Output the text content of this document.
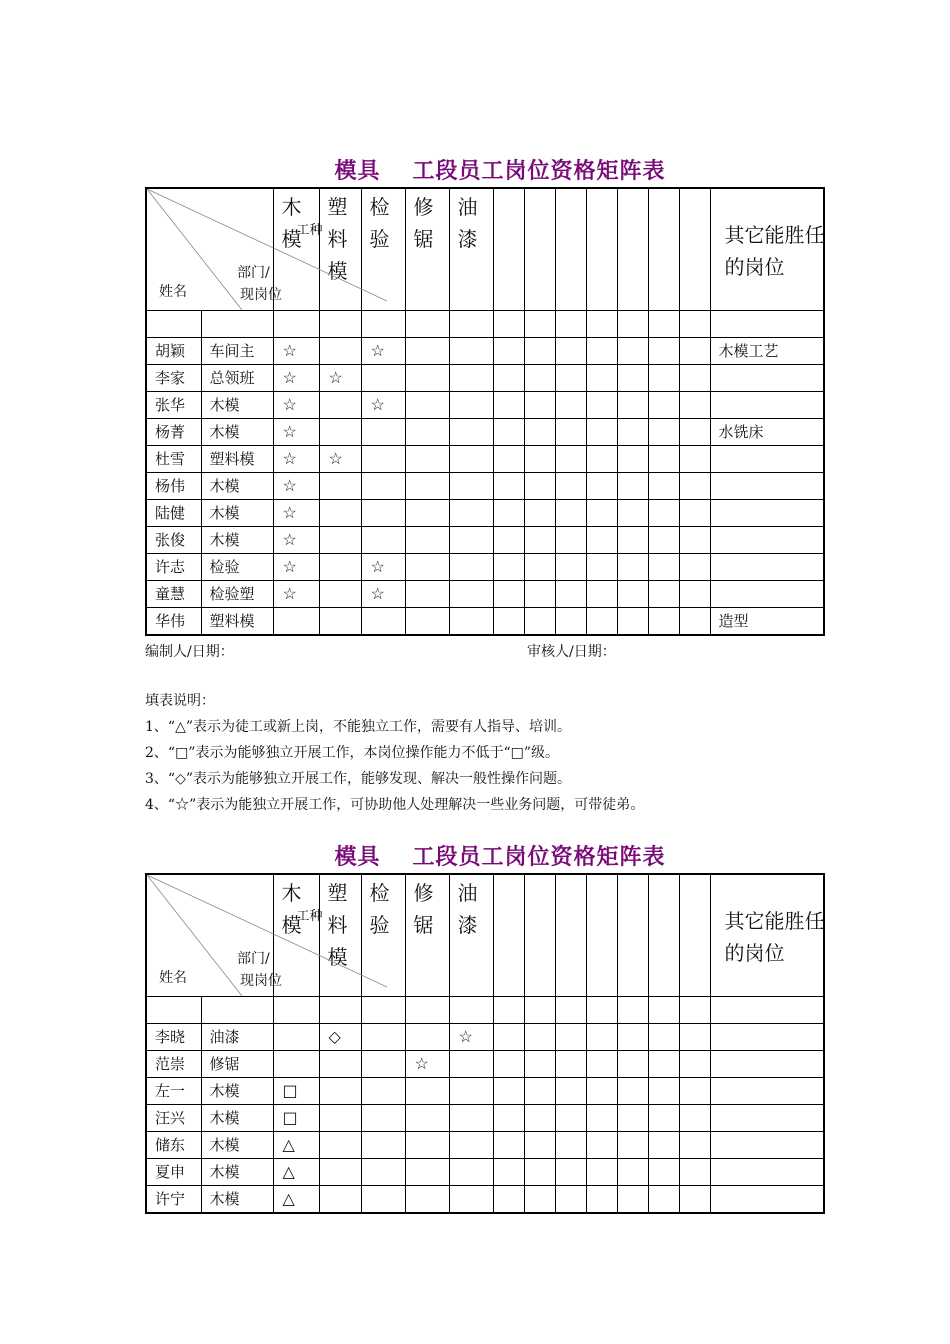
模具 工段员工岗位资格矩阵表
姓名
部门/
现岗位		木模
工种	塑料模	检验	修锯	油漆								其它能胜任的岗位

胡颖	车间主	☆		☆										木模工艺
李家	总领班	☆	☆											
张华	木模	☆		☆										
杨菁	木模	☆												水铣床
杜雪	塑料模	☆	☆											
杨伟	木模	☆												
陆健	木模	☆												
张俊	木模	☆												
许志	检验	☆		☆										
童慧	检验塑	☆		☆										
华伟	塑料模													造型
编制人/日期：	审核人/日期：
填表说明：
1、“△”表示为徒工或新上岗，不能独立工作，需要有人指导、培训。
2、“□”表示为能够独立开展工作，本岗位操作能力不低于“□”级。
3、“◇”表示为能够独立开展工作，能够发现、解决一般性操作问题。
4、“☆”表示为能独立开展工作，可协助他人处理解决一些业务问题，可带徒弟。
模具 工段员工岗位资格矩阵表
姓名
部门/
现岗位		木模
工种	塑料模	检验	修锯	油漆								其它能胜任的岗位

李晓	油漆		◇			☆								
范崇	修锯				☆									
左一	木模	□												
汪兴	木模	□												
储东	木模	△												
夏申	木模	△												
许宁	木模	△												
